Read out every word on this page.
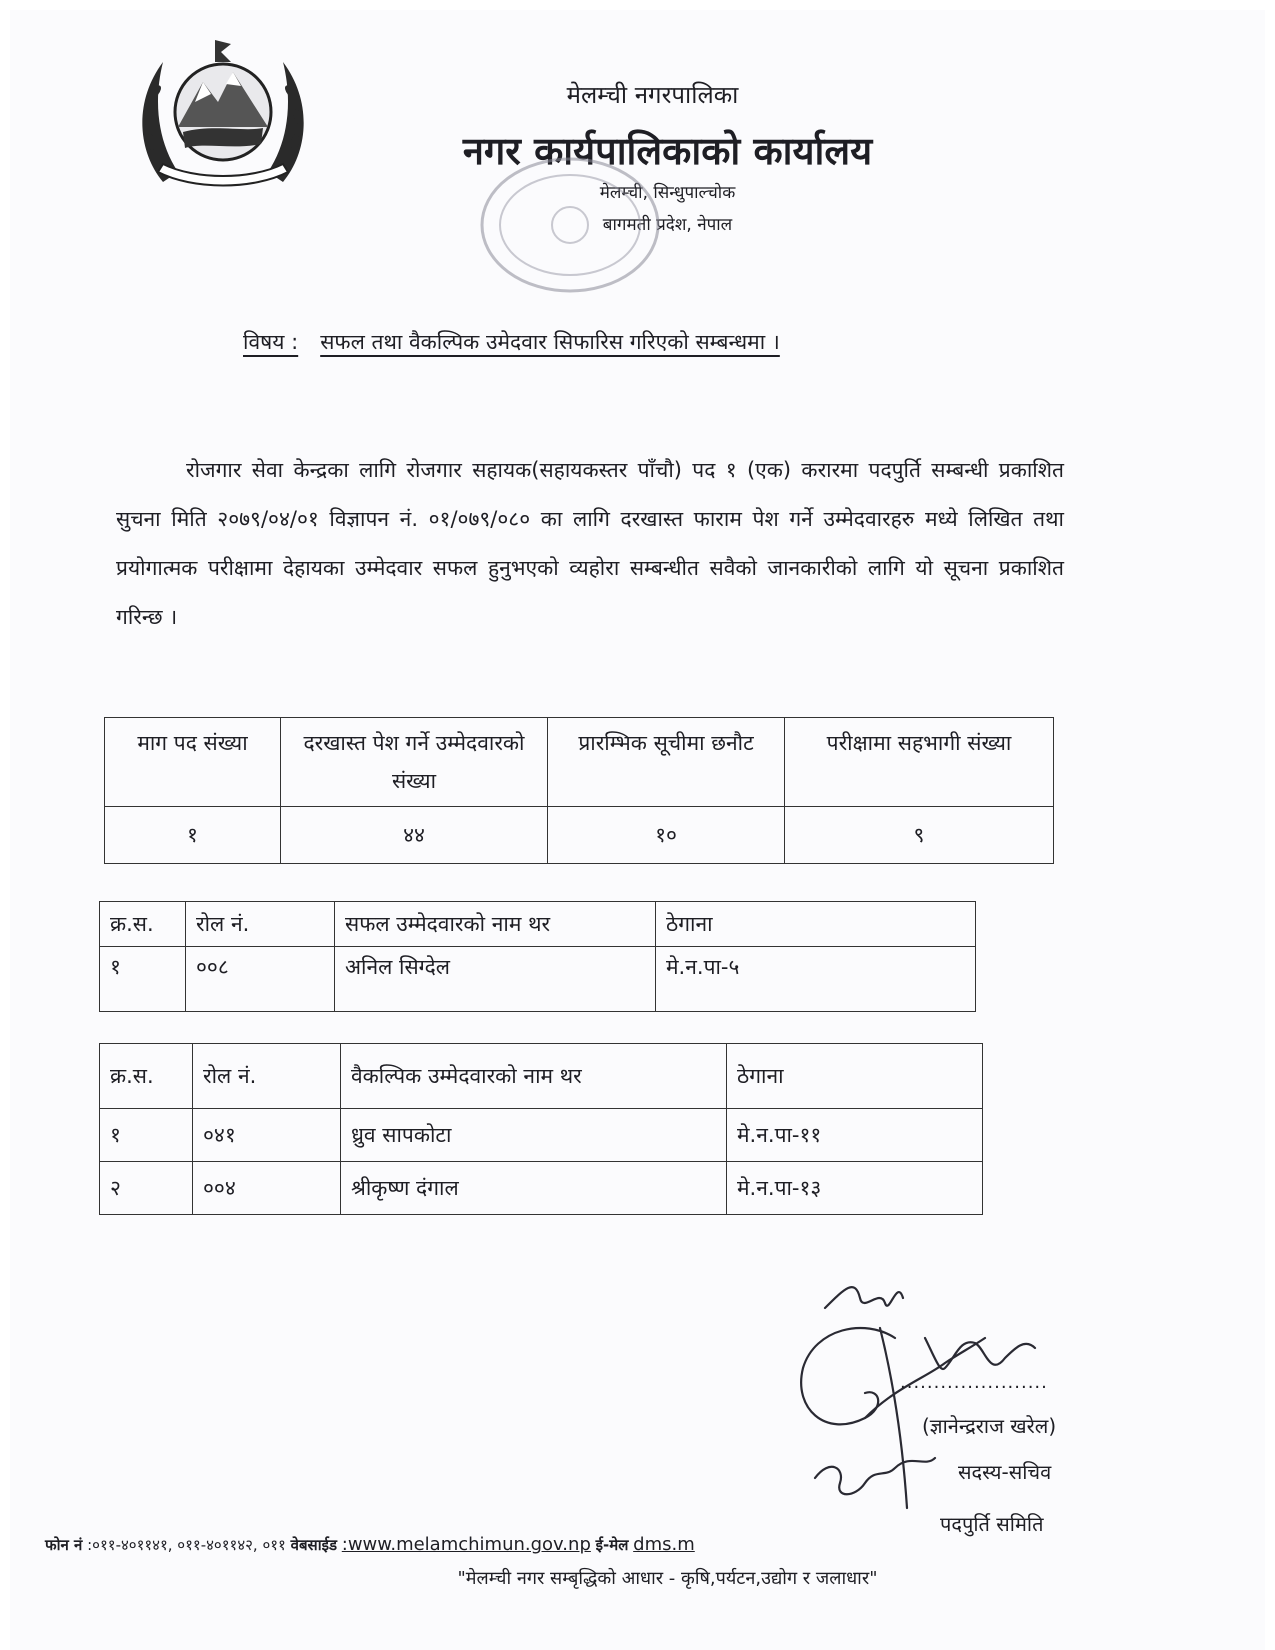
मेलम्ची नगरपालिका
नगर कार्यपालिकाको कार्यालय
मेलम्ची, सिन्धुपाल्चोक
बागमती प्रदेश, नेपाल
विषय : सफल तथा वैकल्पिक उमेदवार सिफारिस गरिएको सम्बन्धमा ।
रोजगार सेवा केन्द्रका लागि रोजगार सहायक(सहायकस्तर पाँचौ) पद १ (एक) करारमा पदपुर्ति सम्बन्धी प्रकाशित सुचना मिति २०७९/०४/०१ विज्ञापन नं. ०१/०७९/०८० का लागि दरखास्त फाराम पेश गर्ने उम्मेदवारहरु मध्ये लिखित तथा प्रयोगात्मक परीक्षामा देहायका उम्मेदवार सफल हुनुभएको व्यहोरा सम्बन्धीत सवैको जानकारीको लागि यो सूचना प्रकाशित गरिन्छ ।
माग पद संख्या	दरखास्त पेश गर्ने उम्मेदवारको संख्या	प्रारम्भिक सूचीमा छनौट	परीक्षामा सहभागी संख्या
१	४४	१०	९
क्र.स.	रोल नं.	सफल उम्मेदवारको नाम थर	ठेगाना
१	००८	अनिल सिग्देल	मे.न.पा-५
क्र.स.	रोल नं.	वैकल्पिक उम्मेदवारको नाम थर	ठेगाना
१	०४१	ध्रुव सापकोटा	मे.न.पा-११
२	००४	श्रीकृष्ण दंगाल	मे.न.पा-१३
......................
(ज्ञानेन्द्रराज खरेल)
सदस्य-सचिव
पदपुर्ति समिति
फोन नं :०११-४०११४१, ०११-४०११४२, ०११ वेबसाईड :www.melamchimun.gov.np ई-मेल dms.m
"मेलम्ची नगर सम्बृद्धिको आधार - कृषि,पर्यटन,उद्योग र जलाधार"
